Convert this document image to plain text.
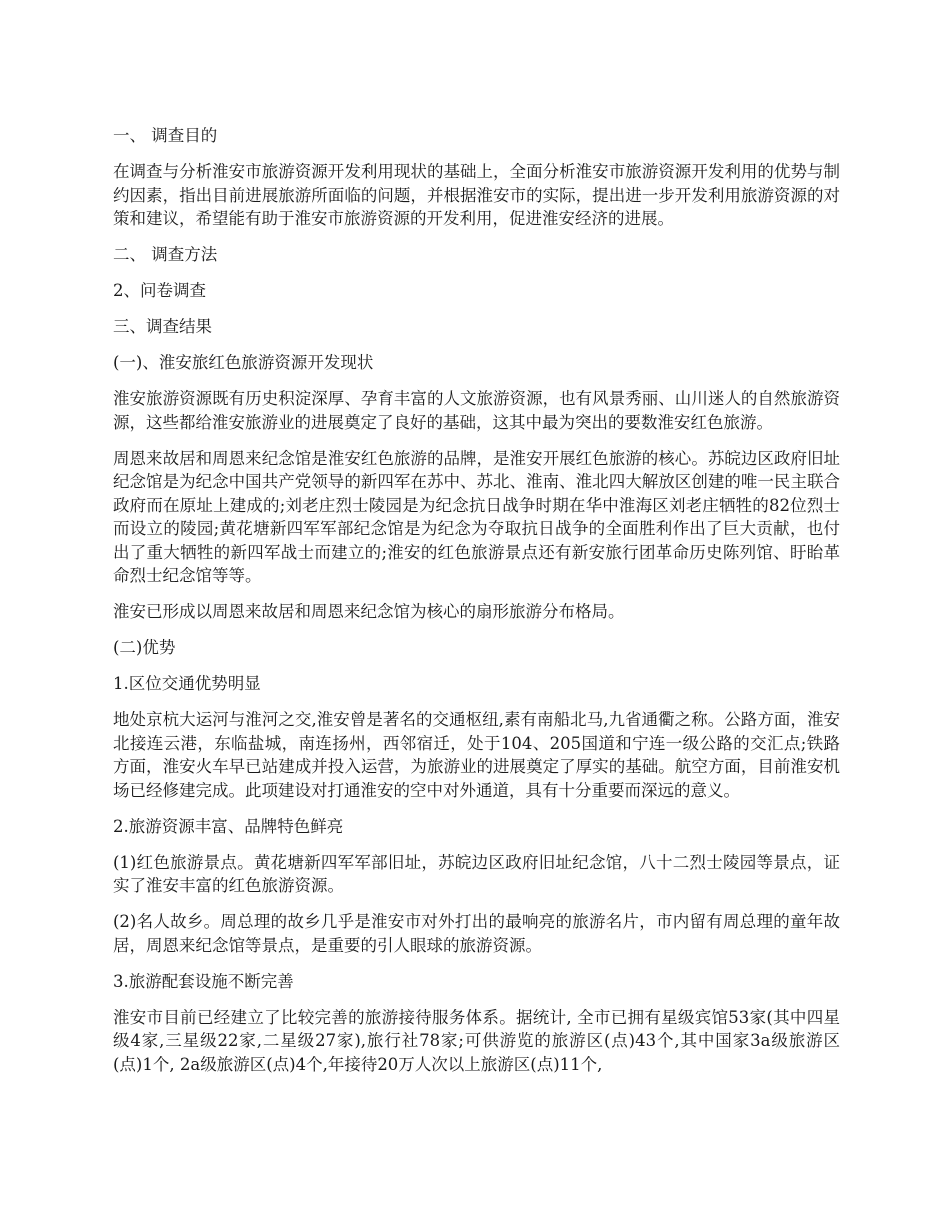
一、 调查目的

在调查与分析淮安市旅游资源开发利用现状的基础上，全面分析淮安市旅游资源开发利用的优势与制约因素，指出目前进展旅游所面临的问题，并根据淮安市的实际，提出进一步开发利用旅游资源的对策和建议，希望能有助于淮安市旅游资源的开发利用，促进淮安经济的进展。

二、 调查方法

2、问卷调查

三、调查结果

(一)、淮安旅红色旅游资源开发现状

淮安旅游资源既有历史积淀深厚、孕育丰富的人文旅游资源，也有风景秀丽、山川迷人的自然旅游资源，这些都给淮安旅游业的进展奠定了良好的基础，这其中最为突出的要数淮安红色旅游。

周恩来故居和周恩来纪念馆是淮安红色旅游的品牌，是淮安开展红色旅游的核心。苏皖边区政府旧址纪念馆是为纪念中国共产党领导的新四军在苏中、苏北、淮南、淮北四大解放区创建的唯一民主联合政府而在原址上建成的;刘老庄烈士陵园是为纪念抗日战争时期在华中淮海区刘老庄牺牲的82位烈士而设立的陵园;黄花塘新四军军部纪念馆是为纪念为夺取抗日战争的全面胜利作出了巨大贡献，也付出了重大牺牲的新四军战士而建立的;淮安的红色旅游景点还有新安旅行团革命历史陈列馆、盱眙革命烈士纪念馆等等。

淮安已形成以周恩来故居和周恩来纪念馆为核心的扇形旅游分布格局。

(二)优势

1.区位交通优势明显

地处京杭大运河与淮河之交,淮安曾是著名的交通枢纽,素有南船北马,九省通衢之称。公路方面，淮安北接连云港，东临盐城，南连扬州，西邻宿迁，处于104、205国道和宁连一级公路的交汇点;铁路方面，淮安火车早已站建成并投入运营，为旅游业的进展奠定了厚实的基础。航空方面，目前淮安机场已经修建完成。此项建设对打通淮安的空中对外通道，具有十分重要而深远的意义。

2.旅游资源丰富、品牌特色鲜亮

(1)红色旅游景点。黄花塘新四军军部旧址，苏皖边区政府旧址纪念馆，八十二烈士陵园等景点，证实了淮安丰富的红色旅游资源。

(2)名人故乡。周总理的故乡几乎是淮安市对外打出的最响亮的旅游名片，市内留有周总理的童年故居，周恩来纪念馆等景点，是重要的引人眼球的旅游资源。

3.旅游配套设施不断完善

淮安市目前已经建立了比较完善的旅游接待服务体系。据统计, 全市已拥有星级宾馆53家(其中四星级4家,三星级22家,二星级27家),旅行社78家;可供游览的旅游区(点)43个,其中国家3a级旅游区(点)1个, 2a级旅游区(点)4个,年接待20万人次以上旅游区(点)11个,
